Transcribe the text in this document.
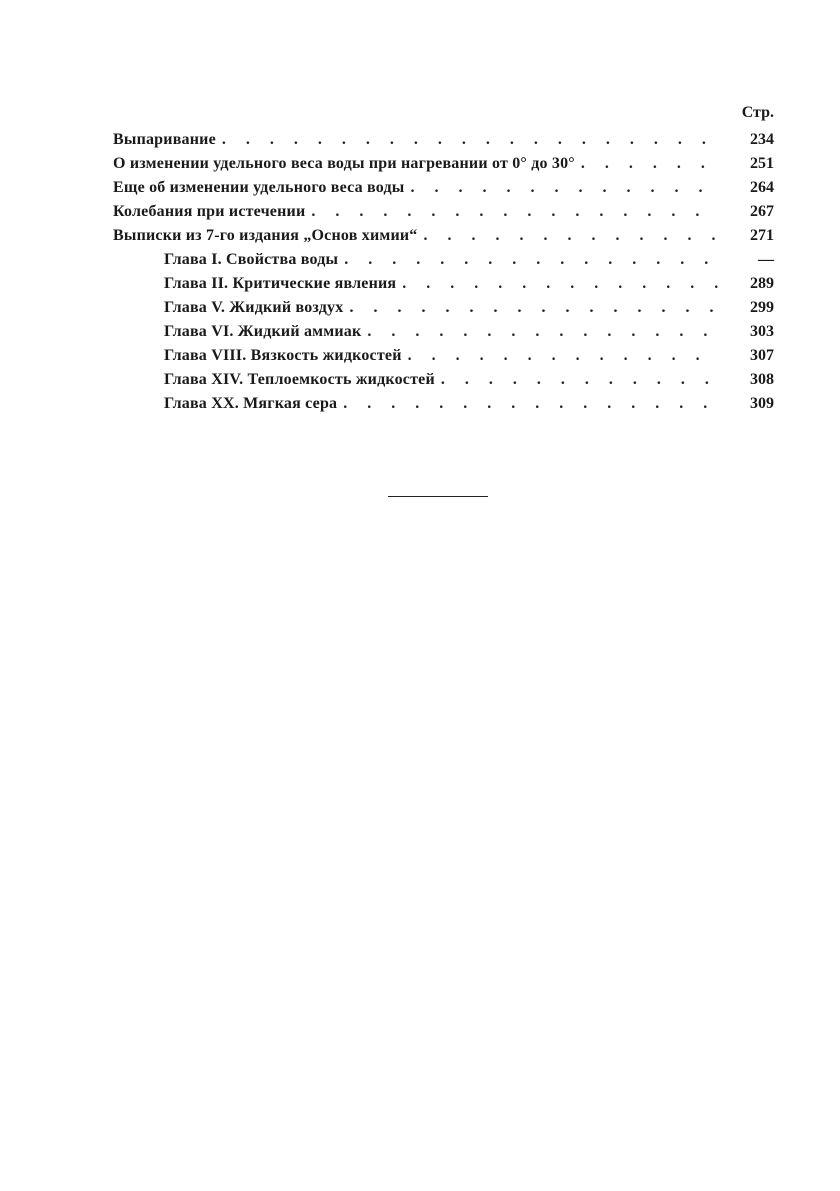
Стр.
Выпаривание . . .	234
О изменении удельного веса воды при нагревании от 0° до 30° . . .	251
Еще об изменении удельного веса воды . . .	264
Колебания при истечении . . .	267
Выписки из 7-го издания „Основ химии“ . . .	271
Глава I. Свойства воды . . .	—
Глава II. Критические явления . . .	289
Глава V. Жидкий воздух . . .	299
Глава VI. Жидкий аммиак . . .	303
Глава VIII. Вязкость жидкостей . . .	307
Глава XIV. Теплоемкость жидкостей . . .	308
Глава XX. Мягкая сера . . .	309
